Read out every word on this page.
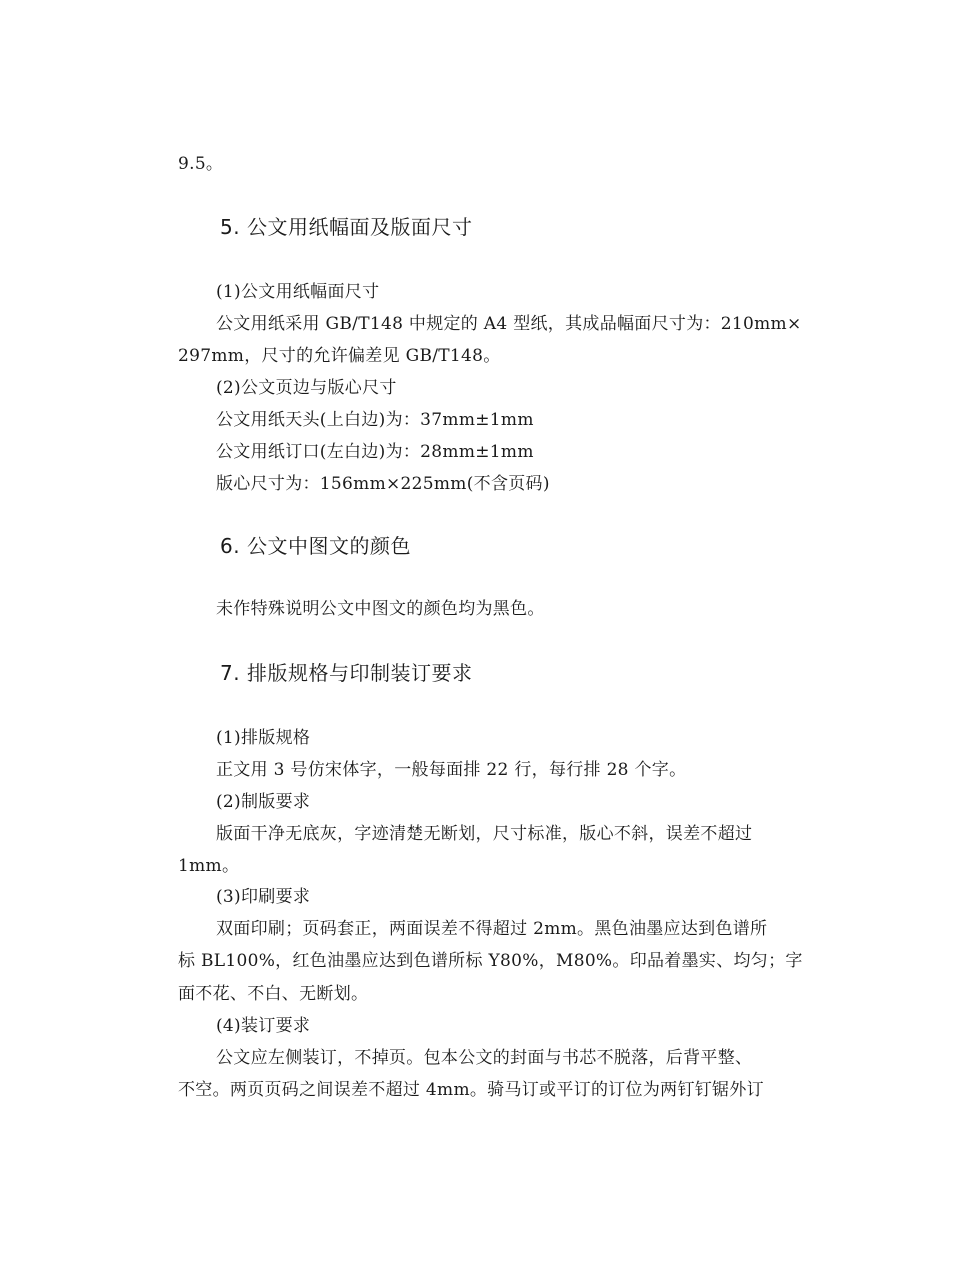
9.5。
5. 公文用纸幅面及版面尺寸
(1)公文用纸幅面尺寸
公文用纸采用 GB/T148 中规定的 A4 型纸，其成品幅面尺寸为：210mm×
297mm，尺寸的允许偏差见 GB/T148。
(2)公文页边与版心尺寸
公文用纸天头(上白边)为：37mm±1mm
公文用纸订口(左白边)为：28mm±1mm
版心尺寸为：156mm×225mm(不含页码)
6. 公文中图文的颜色
未作特殊说明公文中图文的颜色均为黑色。
7. 排版规格与印制装订要求
(1)排版规格
正文用 3 号仿宋体字，一般每面排 22 行，每行排 28 个字。
(2)制版要求
版面干净无底灰，字迹清楚无断划，尺寸标准，版心不斜，误差不超过
1mm。
(3)印刷要求
双面印刷；页码套正，两面误差不得超过 2mm。黑色油墨应达到色谱所
标 BL100%，红色油墨应达到色谱所标 Y80%，M80%。印品着墨实、均匀；字
面不花、不白、无断划。
(4)装订要求
公文应左侧装订，不掉页。包本公文的封面与书芯不脱落，后背平整、
不空。两页页码之间误差不超过 4mm。骑马订或平订的订位为两钉钉锯外订
